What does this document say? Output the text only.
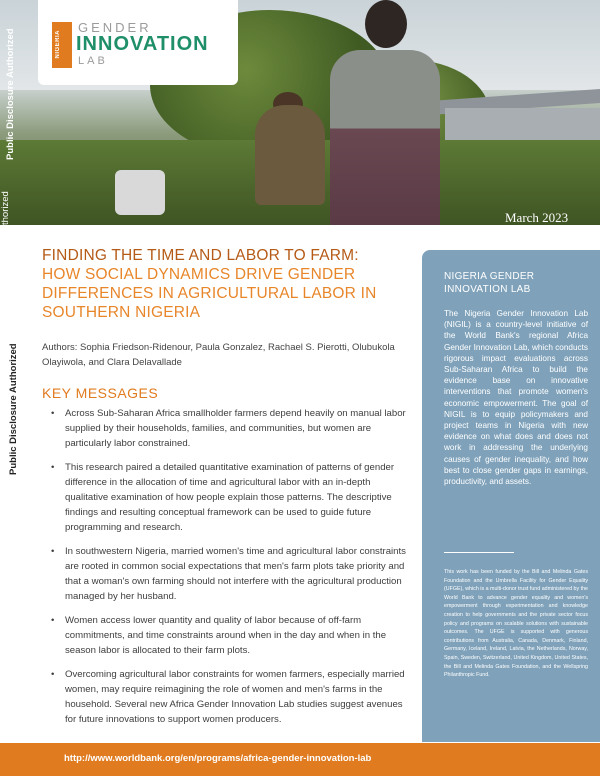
NIGERIA
GENDER
INNOVATION
LAB
March 2023
Public Disclosure Authorized
thorized
Public Disclosure Authorized

FINDING THE TIME AND LABOR TO FARM:

HOW SOCIAL DYNAMICS DRIVE GENDER DIFFERENCES IN AGRICULTURAL LABOR IN SOUTHERN NIGERIA

Authors: Sophia Friedson-Ridenour, Paula Gonzalez, Rachael S. Pierotti, Olubukola Olayiwola, and Clara Delavallade
KEY MESSAGES
• Across Sub-Saharan Africa smallholder farmers depend heavily on manual labor supplied by their households, families, and communities, but women are particularly labor constrained.
• This research paired a detailed quantitative examination of patterns of gender difference in the allocation of time and agricultural labor with an in-depth qualitative examination of how people explain those patterns. The descriptive findings and resulting conceptual framework can be used to guide future programming and research.
• In southwestern Nigeria, married women's time and agricultural labor constraints are rooted in common social expectations that men's farm plots take priority and that a woman's own farming should not interfere with the agricultural production managed by her husband.
• Women access lower quantity and quality of labor because of off-farm commitments, and time constraints around when in the day and when in the season labor is allocated to their farm plots.
• Overcoming agricultural labor constraints for women farmers, especially married women, may require reimagining the role of women and men's farms in the household. Several new Africa Gender Innovation Lab studies suggest avenues for future innovations to support women producers.
NIGERIA GENDER INNOVATION LAB
The Nigeria Gender Innovation Lab (NIGIL) is a country-level initiative of the World Bank's regional Africa Gender Innovation Lab, which conducts rigorous impact evaluations across Sub-Saharan Africa to build the evidence base on innovative interventions that promote women's economic empowerment. The goal of NIGIL is to equip policymakers and project teams in Nigeria with new evidence on what does and does not work in addressing the underlying causes of gender inequality, and how best to close gender gaps in earnings, productivity, and assets.
This work has been funded by the Bill and Melinda Gates Foundation and the Umbrella Facility for Gender Equality (UFGE), which is a multi-donor trust fund administered by the World Bank to advance gender equality and women's empowerment through experimentation and knowledge creation to help governments and the private sector focus policy and programs on scalable solutions with sustainable outcomes. The UFGE is supported with generous contributions from Australia, Canada, Denmark, Finland, Germany, Iceland, Ireland, Latvia, the Netherlands, Norway, Spain, Sweden, Switzerland, United Kingdom, United States, the Bill and Melinda Gates Foundation, and the Wellspring Philanthropic Fund.
http://www.worldbank.org/en/programs/africa-gender-innovation-lab
